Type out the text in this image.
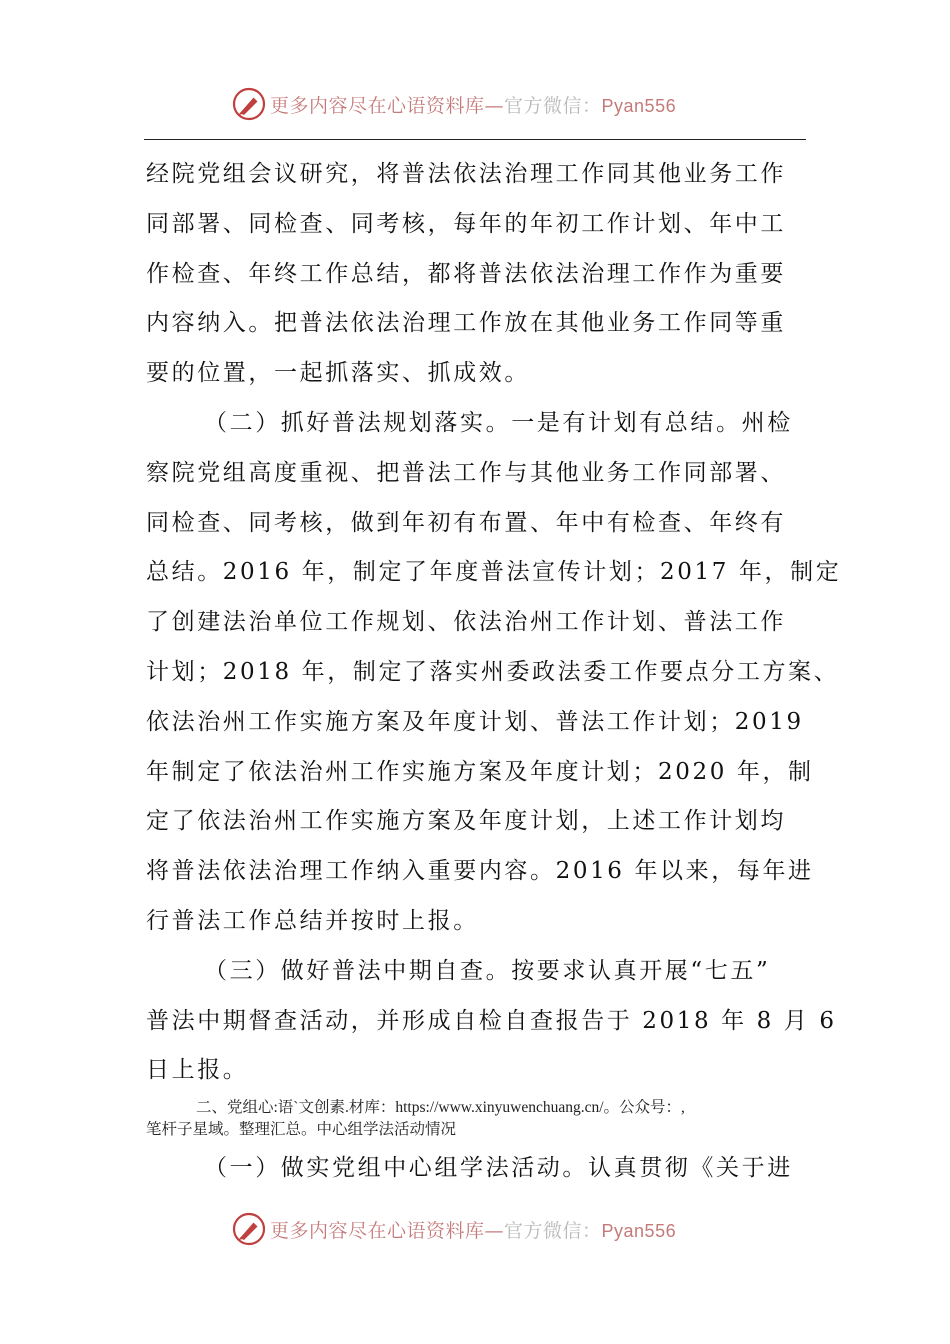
更多内容尽在心语资料库—官方微信：Pyan556
经院党组会议研究，将普法依法治理工作同其他业务工作
同部署、同检查、同考核，每年的年初工作计划、年中工
作检查、年终工作总结，都将普法依法治理工作作为重要
内容纳入。把普法依法治理工作放在其他业务工作同等重
要的位置，一起抓落实、抓成效。
（二）抓好普法规划落实。一是有计划有总结。州检
察院党组高度重视、把普法工作与其他业务工作同部署、
同检查、同考核，做到年初有布置、年中有检查、年终有
总结。2016 年，制定了年度普法宣传计划；2017 年，制定
了创建法治单位工作规划、依法治州工作计划、普法工作
计划；2018 年，制定了落实州委政法委工作要点分工方案、
依法治州工作实施方案及年度计划、普法工作计划；2019
年制定了依法治州工作实施方案及年度计划；2020 年，制
定了依法治州工作实施方案及年度计划，上述工作计划均
将普法依法治理工作纳入重要内容。2016 年以来，每年进
行普法工作总结并按时上报。
（三）做好普法中期自查。按要求认真开展“七五”
普法中期督查活动，并形成自检自查报告于 2018 年 8 月 6
日上报。
二、党组心:语`文创素.材库：https://www.xinyuwenchuang.cn/。公众号：,
笔杆子星域。整理汇总。中心组学法活动情况
（一）做实党组中心组学法活动。认真贯彻《关于进
更多内容尽在心语资料库—官方微信：Pyan556
